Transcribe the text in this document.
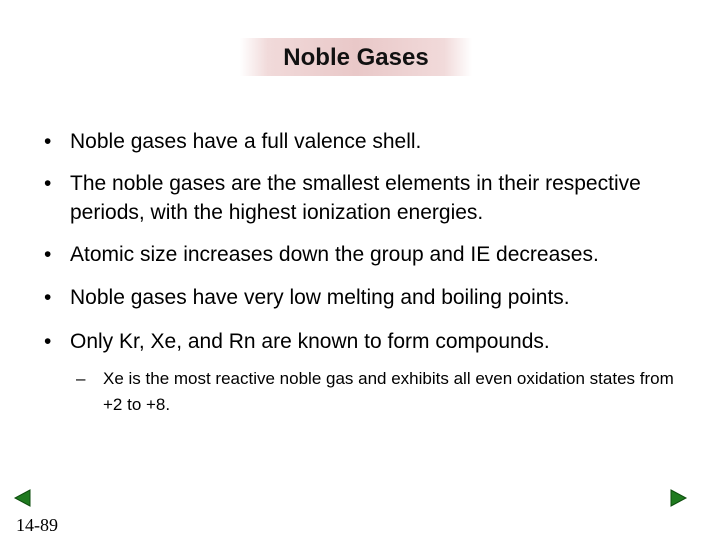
Noble Gases
• Noble gases have a full valence shell.
• The noble gases are the smallest elements in their respective periods, with the highest ionization energies.
• Atomic size increases down the group and IE decreases.
• Noble gases have very low melting and boiling points.
• Only Kr, Xe, and Rn are known to form compounds.
– Xe is the most reactive noble gas and exhibits all even oxidation states from +2 to +8.
14-89
